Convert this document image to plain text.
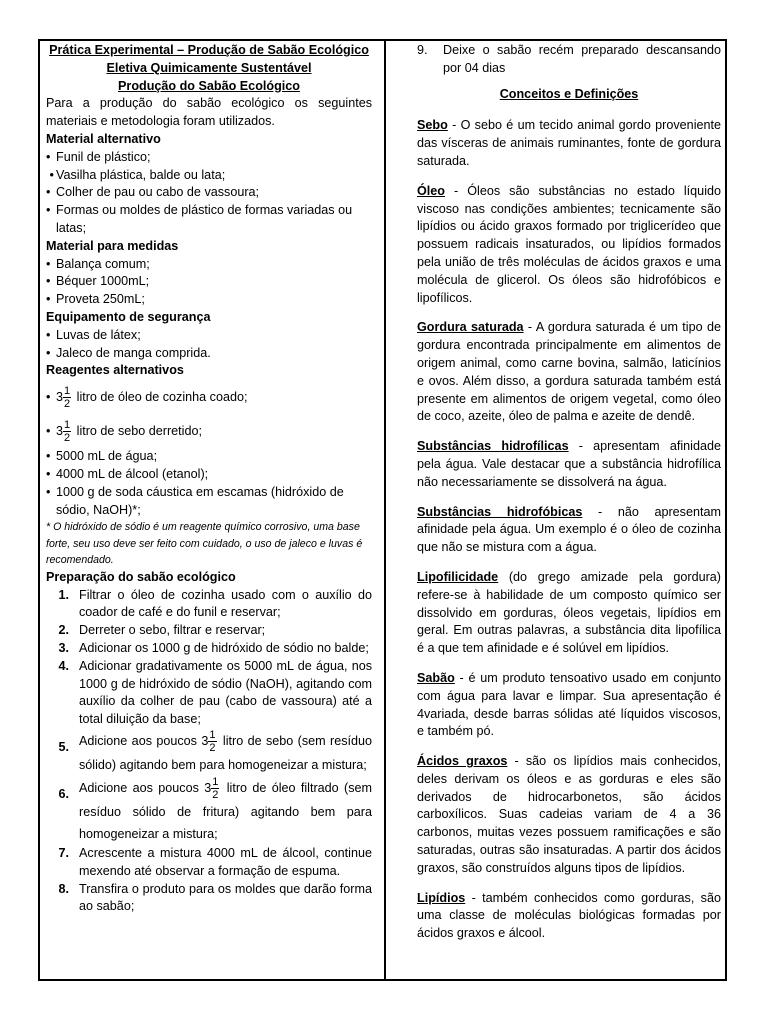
Prática Experimental – Produção de Sabão Ecológico
Eletiva Quimicamente Sustentável
Produção do Sabão Ecológico
Para a produção do sabão ecológico os seguintes materiais e metodologia foram utilizados.
Material alternativo
• Funil de plástico;
• Vasilha plástica, balde ou lata;
• Colher de pau ou cabo de vassoura;
• Formas ou moldes de plástico de formas variadas ou latas;
Material para medidas
• Balança comum;
• Béquer 1000mL;
• Proveta 250mL;
Equipamento de segurança
• Luvas de látex;
• Jaleco de manga comprida.
Reagentes alternativos
• $3 \frac{1}{2}$ litro de óleo de cozinha coado;
• $3 \frac{1}{2}$ litro de sebo derretido;
• 5000 mL de água;
• 4000 mL de álcool (etanol);
• 1000 g de soda cáustica em escamas (hidróxido de sódio, NaOH)*;
* O hidróxido de sódio é um reagente químico corrosivo, uma base forte, seu uso deve ser feito com cuidado, o uso de jaleco e luvas é recomendado.
Preparação do sabão ecológico
1. Filtrar o óleo de cozinha usado com o auxílio do coador de café e do funil e reservar;
2. Derreter o sebo, filtrar e reservar;
3. Adicionar os 1000 g de hidróxido de sódio no balde;
4. Adicionar gradativamente os 5000 mL de água, nos 1000 g de hidróxido de sódio (NaOH), agitando com auxílio da colher de pau (cabo de vassoura) até a total diluição da base;
5. Adicione aos poucos $3 \frac{1}{2}$ litro de sebo (sem resíduo sólido) agitando bem para homogeneizar a mistura;
6. Adicione aos poucos $3 \frac{1}{2}$ litro de óleo filtrado (sem resíduo sólido de fritura) agitando bem para homogeneizar a mistura;
7. Acrescente a mistura 4000 mL de álcool, continue mexendo até observar a formação de espuma.
8. Transfira o produto para os moldes que darão forma ao sabão;
9.	Deixe o sabão recém preparado descansando por 04 dias
Conceitos e Definições
Sebo - O sebo é um tecido animal gordo proveniente das vísceras de animais ruminantes, fonte de gordura saturada.
Óleo - Óleos são substâncias no estado líquido viscoso nas condições ambientes; tecnicamente são lipídios ou ácido graxos formado por triglicerídeo que possuem radicais insaturados, ou lipídios formados pela união de três moléculas de ácidos graxos e uma molécula de glicerol. Os óleos são hidrofóbicos e lipofílicos.
Gordura saturada - A gordura saturada é um tipo de gordura encontrada principalmente em alimentos de origem animal, como carne bovina, salmão, laticínios e ovos. Além disso, a gordura saturada também está presente em alimentos de origem vegetal, como óleo de coco, azeite, óleo de palma e azeite de dendê.
Substâncias hidrofílicas - apresentam afinidade pela água. Vale destacar que a substância hidrofílica não necessariamente se dissolverá na água.
Substâncias hidrofóbicas - não apresentam afinidade pela água. Um exemplo é o óleo de cozinha que não se mistura com a água.
Lipofilicidade (do grego amizade pela gordura) refere-se à habilidade de um composto químico ser dissolvido em gorduras, óleos vegetais, lipídios em geral. Em outras palavras, a substância dita lipofílica é a que tem afinidade e é solúvel em lipídios.
Sabão - é um produto tensoativo usado em conjunto com água para lavar e limpar. Sua apresentação é 4variada, desde barras sólidas até líquidos viscosos, e também pó.
Ácidos graxos - são os lipídios mais conhecidos, deles derivam os óleos e as gorduras e eles são derivados de hidrocarbonetos, são ácidos carboxílicos. Suas cadeias variam de 4 a 36 carbonos, muitas vezes possuem ramificações e são saturadas, outras são insaturadas. A partir dos ácidos graxos, são construídos alguns tipos de lipídios.
Lipídios - também conhecidos como gorduras, são uma classe de moléculas biológicas formadas por ácidos graxos e álcool.
